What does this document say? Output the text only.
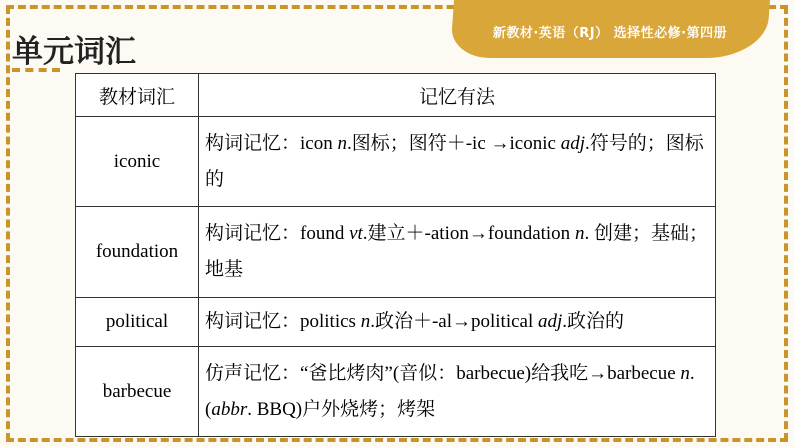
新教材·英语（RJ） 选择性必修·第四册
单元词汇
教材词汇	记忆有法
iconic	构词记忆：icon n.图标；图符＋-ic →iconic adj.符号的；图标的
foundation	构词记忆：found vt.建立＋-ation→foundation n. 创建；基础；地基
political	构词记忆：politics n.政治＋-al→political adj.政治的
barbecue	仿声记忆：“爸比烤肉”(音似：barbecue)给我吃→barbecue n. (abbr. BBQ)户外烧烤；烤架
